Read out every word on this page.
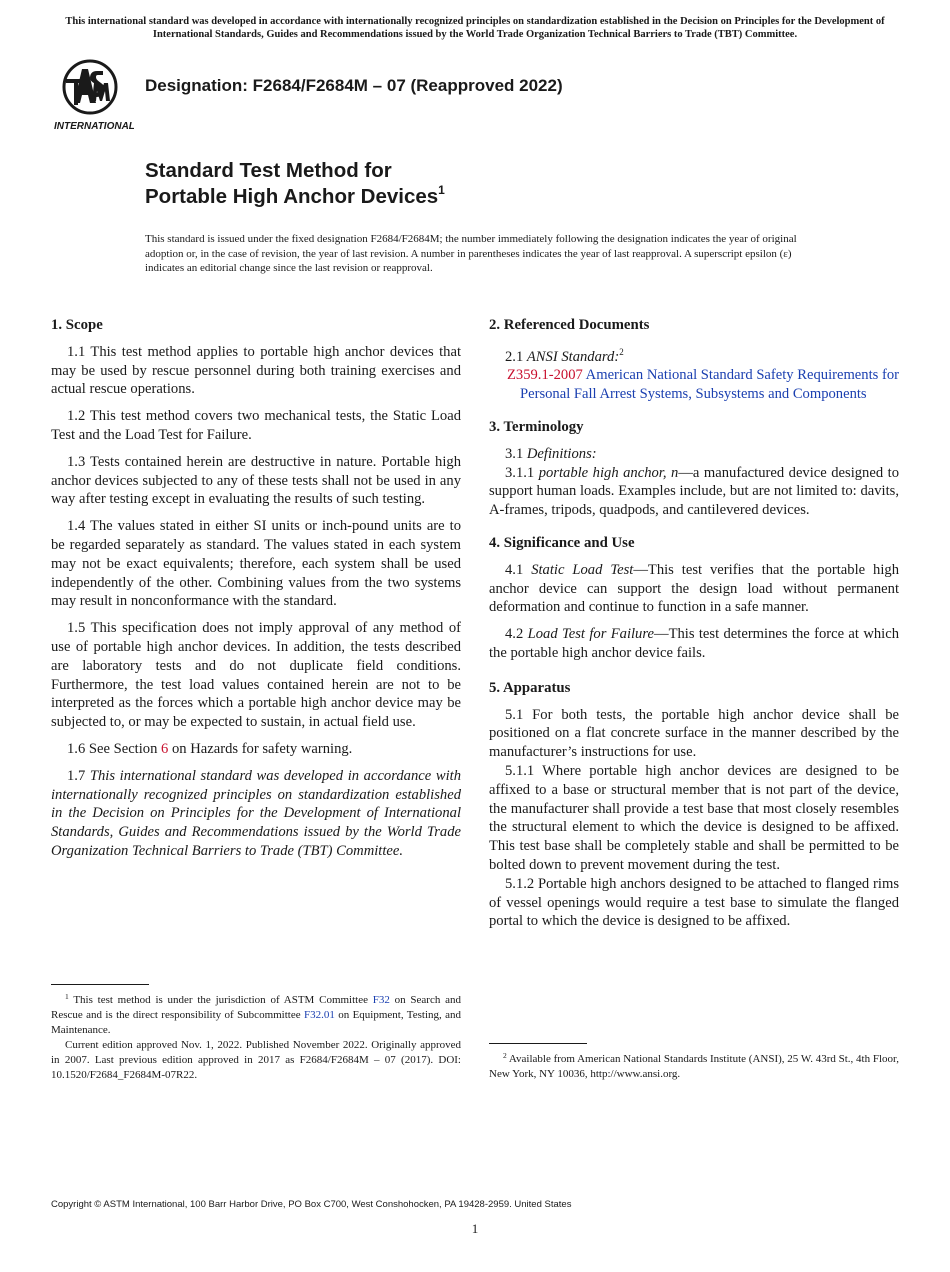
This international standard was developed in accordance with internationally recognized principles on standardization established in the Decision on Principles for the Development of International Standards, Guides and Recommendations issued by the World Trade Organization Technical Barriers to Trade (TBT) Committee.
INTERNATIONAL
Designation: F2684/F2684M – 07 (Reapproved 2022)
Standard Test Method for
Portable High Anchor Devices$^1$
This standard is issued under the fixed designation F2684/F2684M; the number immediately following the designation indicates the year of original adoption or, in the case of revision, the year of last revision. A number in parentheses indicates the year of last reapproval. A superscript epsilon (ε) indicates an editorial change since the last revision or reapproval.
1. Scope

1.1 This test method applies to portable high anchor devices that may be used by rescue personnel during both training exercises and actual rescue operations.

1.2 This test method covers two mechanical tests, the Static Load Test and the Load Test for Failure.

1.3 Tests contained herein are destructive in nature. Portable high anchor devices subjected to any of these tests shall not be used in any way after testing except in evaluating the results of such testing.

1.4 The values stated in either SI units or inch-pound units are to be regarded separately as standard. The values stated in each system may not be exact equivalents; therefore, each system shall be used independently of the other. Combining values from the two systems may result in nonconformance with the standard.

1.5 This specification does not imply approval of any method of use of portable high anchor devices. In addition, the tests described are laboratory tests and do not duplicate field conditions. Furthermore, the test load values contained herein are not to be interpreted as the forces which a portable high anchor device may be subjected to, or may be expected to sustain, in actual field use.

1.6 See Section 6 on Hazards for safety warning.

1.7 This international standard was developed in accordance with internationally recognized principles on standardization established in the Decision on Principles for the Development of International Standards, Guides and Recommendations issued by the World Trade Organization Technical Barriers to Trade (TBT) Committee.

$^1$ This test method is under the jurisdiction of ASTM Committee F32 on Search and Rescue and is the direct responsibility of Subcommittee F32.01 on Equipment, Testing, and Maintenance.

Current edition approved Nov. 1, 2022. Published November 2022. Originally approved in 2007. Last previous edition approved in 2017 as F2684/F2684M – 07 (2017). DOI: 10.1520/F2684_F2684M-07R22.

2. Referenced Documents

2.1 ANSI Standard:$^2$

Z359.1-2007 American National Standard Safety Requirements for Personal Fall Arrest Systems, Subsystems and Components

3. Terminology

3.1 Definitions:

3.1.1 portable high anchor, n—a manufactured device designed to support human loads. Examples include, but are not limited to: davits, A-frames, tripods, quadpods, and cantilevered devices.

4. Significance and Use

4.1 Static Load Test—This test verifies that the portable high anchor device can support the design load without permanent deformation and continue to function in a safe manner.

4.2 Load Test for Failure—This test determines the force at which the portable high anchor device fails.

5. Apparatus

5.1 For both tests, the portable high anchor device shall be positioned on a flat concrete surface in the manner described by the manufacturer’s instructions for use.

5.1.1 Where portable high anchor devices are designed to be affixed to a base or structural member that is not part of the device, the manufacturer shall provide a test base that most closely resembles the structural element to which the device is designed to be affixed. This test base shall be completely stable and shall be permitted to be bolted down to prevent movement during the test.

5.1.2 Portable high anchors designed to be attached to flanged rims of vessel openings would require a test base to simulate the flanged portal to which the device is designed to be affixed.

$^2$ Available from American National Standards Institute (ANSI), 25 W. 43rd St., 4th Floor, New York, NY 10036, http://www.ansi.org.

Copyright © ASTM International, 100 Barr Harbor Drive, PO Box C700, West Conshohocken, PA 19428-2959. United States
1
